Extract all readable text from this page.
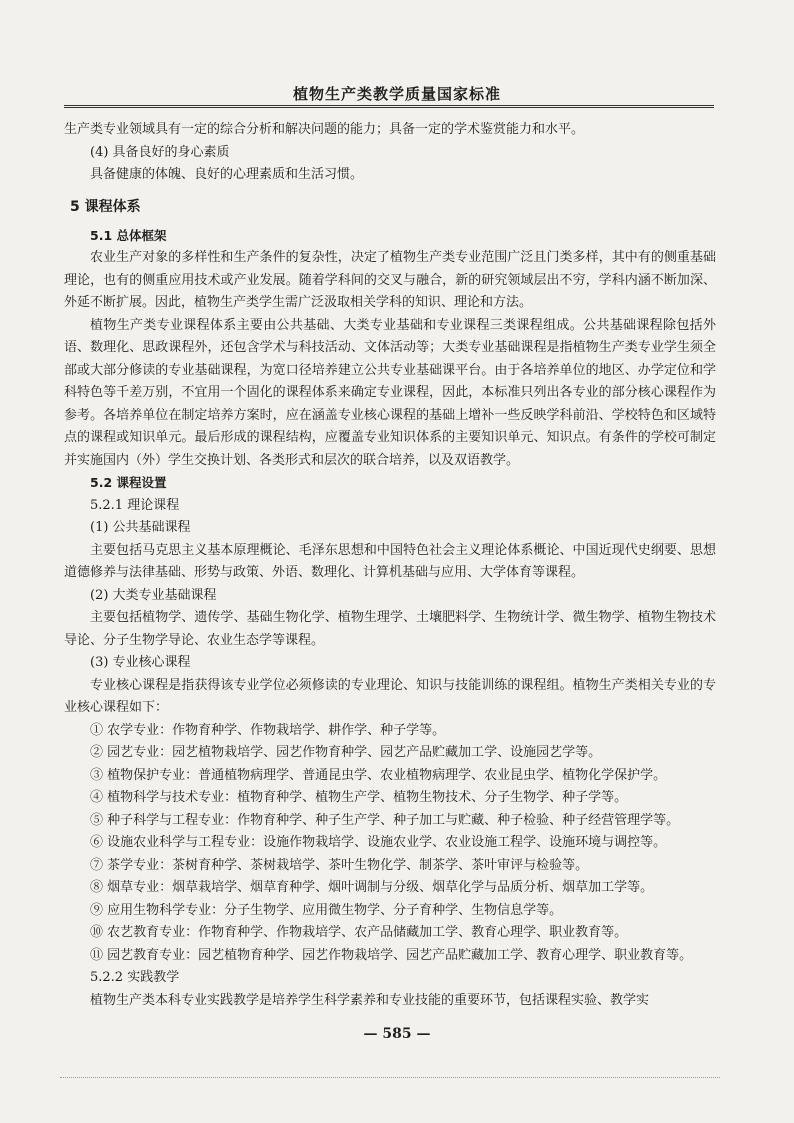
植物生产类教学质量国家标准

生产类专业领域具有一定的综合分析和解决问题的能力；具备一定的学术鉴赏能力和水平。

(4) 具备良好的身心素质

具备健康的体魄、良好的心理素质和生活习惯。

5 课程体系

5.1 总体框架

农业生产对象的多样性和生产条件的复杂性，决定了植物生产类专业范围广泛且门类多样，其中有的侧重基础理论，也有的侧重应用技术或产业发展。随着学科间的交叉与融合，新的研究领域层出不穷，学科内涵不断加深、外延不断扩展。因此，植物生产类学生需广泛汲取相关学科的知识、理论和方法。

植物生产类专业课程体系主要由公共基础、大类专业基础和专业课程三类课程组成。公共基础课程除包括外语、数理化、思政课程外，还包含学术与科技活动、文体活动等；大类专业基础课程是指植物生产类专业学生须全部或大部分修读的专业基础课程，为宽口径培养建立公共专业基础课平台。由于各培养单位的地区、办学定位和学科特色等千差万别，不宜用一个固化的课程体系来确定专业课程，因此，本标准只列出各专业的部分核心课程作为参考。各培养单位在制定培养方案时，应在涵盖专业核心课程的基础上增补一些反映学科前沿、学校特色和区域特点的课程或知识单元。最后形成的课程结构，应覆盖专业知识体系的主要知识单元、知识点。有条件的学校可制定并实施国内（外）学生交换计划、各类形式和层次的联合培养，以及双语教学。

5.2 课程设置

5.2.1 理论课程

(1) 公共基础课程

主要包括马克思主义基本原理概论、毛泽东思想和中国特色社会主义理论体系概论、中国近现代史纲要、思想道德修养与法律基础、形势与政策、外语、数理化、计算机基础与应用、大学体育等课程。

(2) 大类专业基础课程

主要包括植物学、遗传学、基础生物化学、植物生理学、土壤肥料学、生物统计学、微生物学、植物生物技术导论、分子生物学导论、农业生态学等课程。

(3) 专业核心课程

专业核心课程是指获得该专业学位必须修读的专业理论、知识与技能训练的课程组。植物生产类相关专业的专业核心课程如下：

① 农学专业：作物育种学、作物栽培学、耕作学、种子学等。

② 园艺专业：园艺植物栽培学、园艺作物育种学、园艺产品贮藏加工学、设施园艺学等。

③ 植物保护专业：普通植物病理学、普通昆虫学、农业植物病理学、农业昆虫学、植物化学保护学。

④ 植物科学与技术专业：植物育种学、植物生产学、植物生物技术、分子生物学、种子学等。

⑤ 种子科学与工程专业：作物育种学、种子生产学、种子加工与贮藏、种子检验、种子经营管理学等。

⑥ 设施农业科学与工程专业：设施作物栽培学、设施农业学、农业设施工程学、设施环境与调控等。

⑦ 茶学专业：茶树育种学、茶树栽培学、茶叶生物化学、制茶学、茶叶审评与检验等。

⑧ 烟草专业：烟草栽培学、烟草育种学、烟叶调制与分级、烟草化学与品质分析、烟草加工学等。

⑨ 应用生物科学专业：分子生物学、应用微生物学、分子育种学、生物信息学等。

⑩ 农艺教育专业：作物育种学、作物栽培学、农产品储藏加工学、教育心理学、职业教育等。

⑪ 园艺教育专业：园艺植物育种学、园艺作物栽培学、园艺产品贮藏加工学、教育心理学、职业教育等。

5.2.2 实践教学

植物生产类本科专业实践教学是培养学生科学素养和专业技能的重要环节，包括课程实验、教学实

— 585 —
